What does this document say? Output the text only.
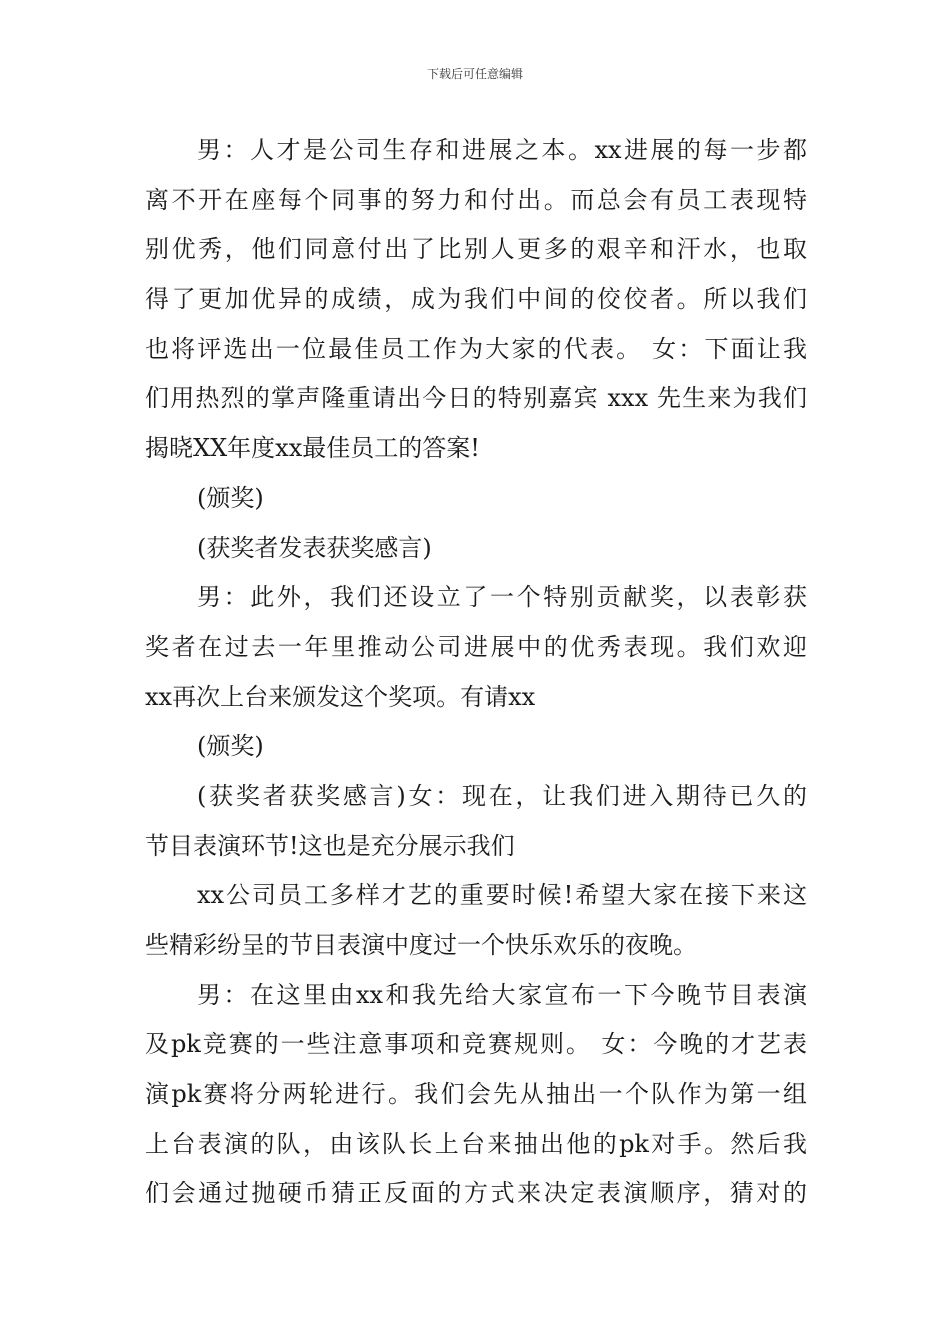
下载后可任意编辑
男：人才是公司生存和进展之本。xx进展的每一步都
离不开在座每个同事的努力和付出。而总会有员工表现特
别优秀，他们同意付出了比别人更多的艰辛和汗水，也取
得了更加优异的成绩，成为我们中间的佼佼者。所以我们
也将评选出一位最佳员工作为大家的代表。 女：下面让我
们用热烈的掌声隆重请出今日的特别嘉宾 xxx 先生来为我们
揭晓XX年度xx最佳员工的答案!
(颁奖)
(获奖者发表获奖感言)
男：此外，我们还设立了一个特别贡献奖，以表彰获
奖者在过去一年里推动公司进展中的优秀表现。我们欢迎
xx再次上台来颁发这个奖项。有请xx
(颁奖)
(获奖者获奖感言)女：现在，让我们进入期待已久的
节目表演环节!这也是充分展示我们
xx公司员工多样才艺的重要时候!希望大家在接下来这
些精彩纷呈的节目表演中度过一个快乐欢乐的夜晚。
男：在这里由xx和我先给大家宣布一下今晚节目表演
及pk竞赛的一些注意事项和竞赛规则。 女：今晚的才艺表
演pk赛将分两轮进行。我们会先从抽出一个队作为第一组
上台表演的队，由该队长上台来抽出他的pk对手。然后我
们会通过抛硬币猜正反面的方式来决定表演顺序，猜对的
